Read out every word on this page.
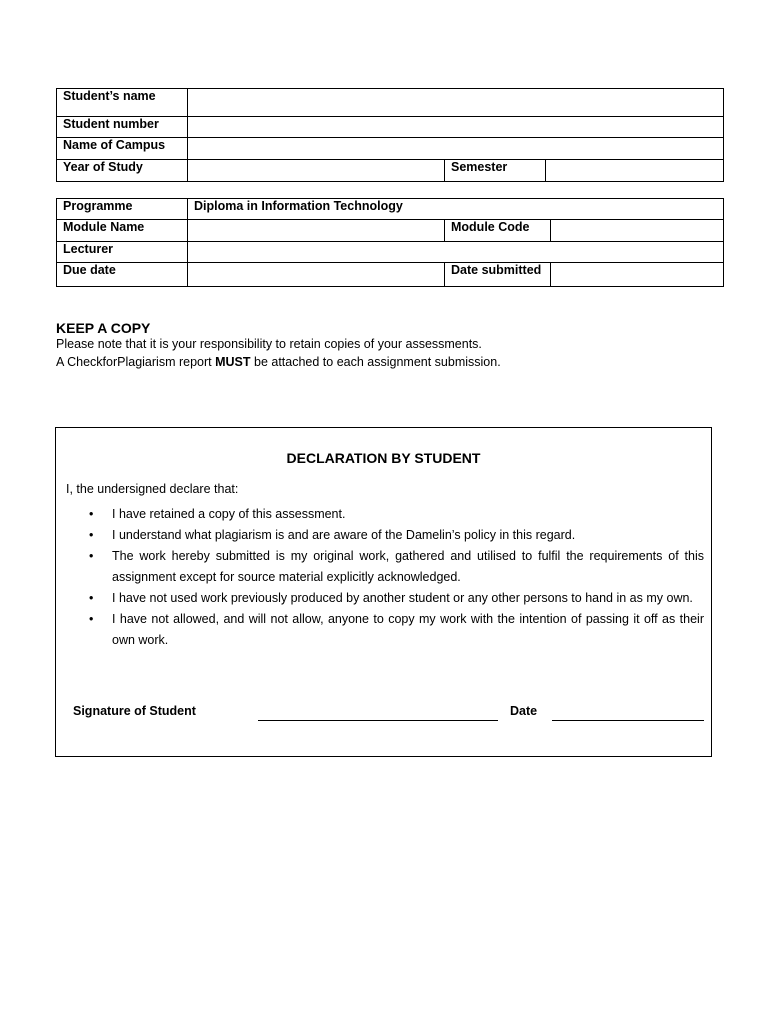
Student’s name			
Student number			
Name of Campus			
Year of Study		Semester	
Programme	Diploma in Information Technology		
Module Name		Module Code	
Lecturer			
Due date		Date submitted	
KEEP A COPY
Please note that it is your responsibility to retain copies of your assessments.
A CheckforPlagiarism report MUST be attached to each assignment submission.
DECLARATION BY STUDENT
I, the undersigned declare that:
• I have retained a copy of this assessment.
• I understand what plagiarism is and are aware of the Damelin’s policy in this regard.
• The work hereby submitted is my original work, gathered and utilised to fulfil the requirements of this assignment except for source material explicitly acknowledged.
• I have not used work previously produced by another student or any other persons to hand in as my own.
• I have not allowed, and will not allow, anyone to copy my work with the intention of passing it off as their own work.
Signature of Student	Date
